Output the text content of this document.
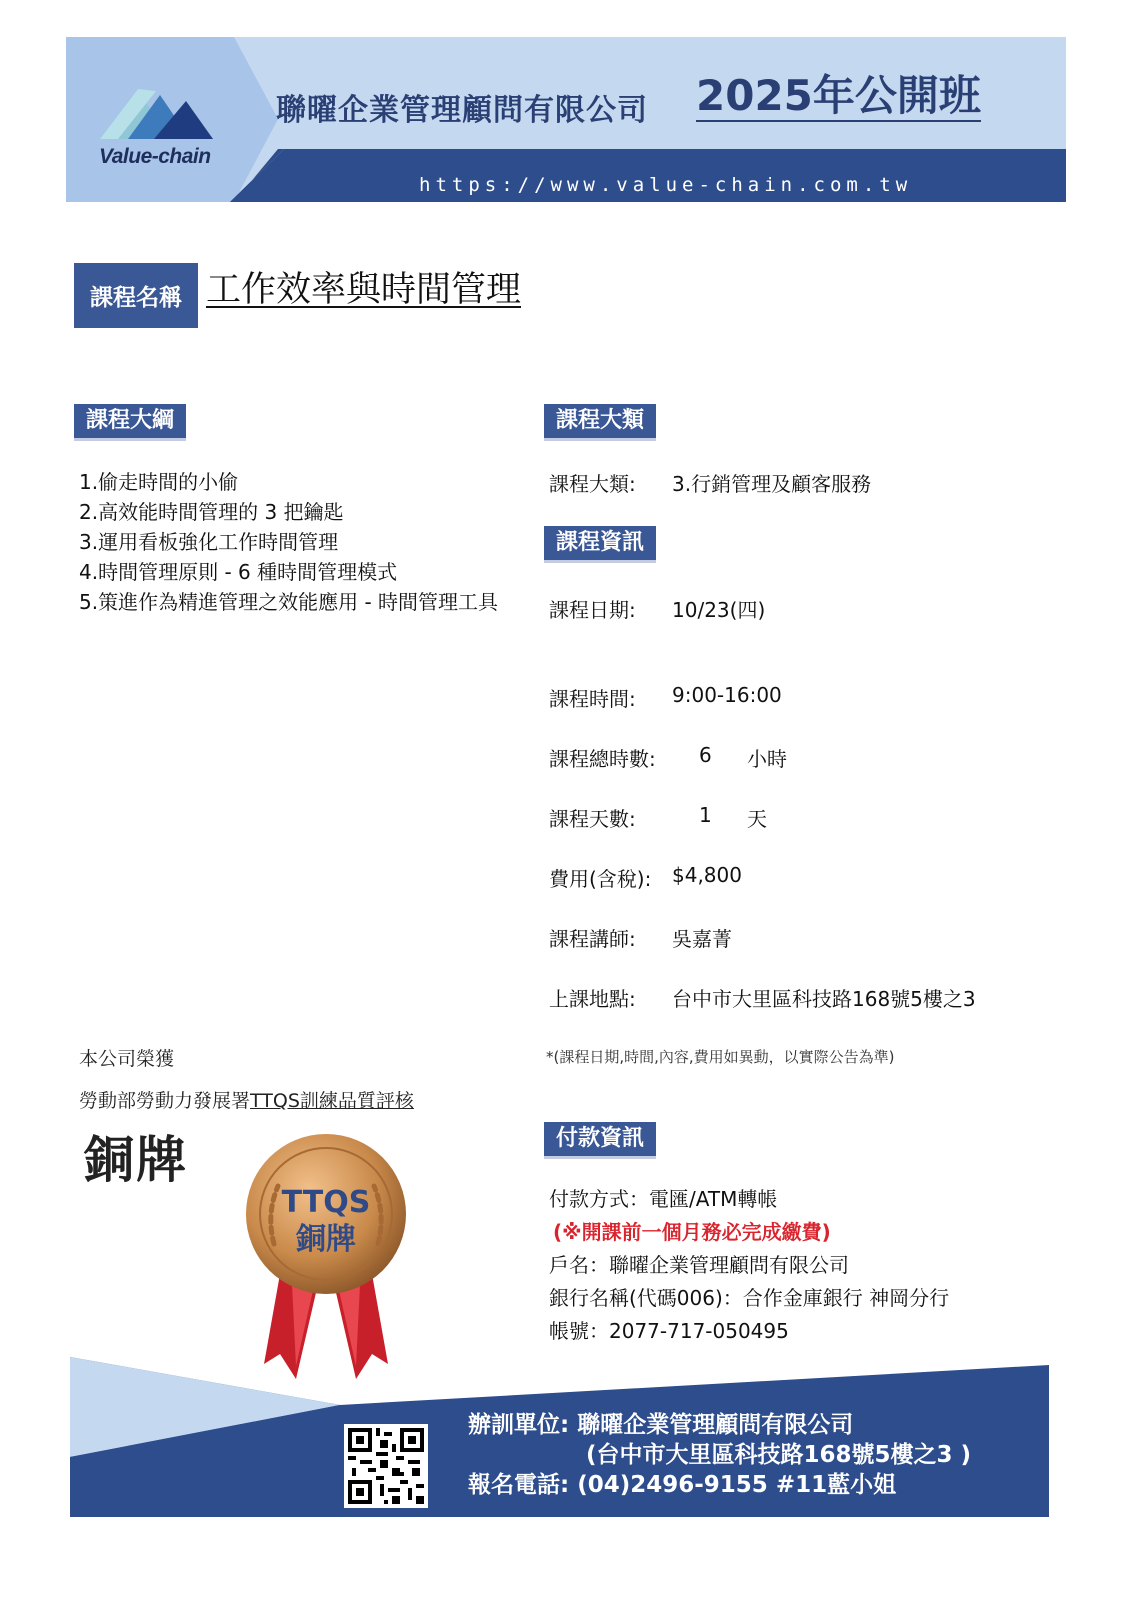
Value-chain
聯曜企業管理顧問有限公司 2025年公開班
https://www.value-chain.com.tw
課程名稱 工作效率與時間管理
課程大綱
1.偷走時間的小偷
2.高效能時間管理的 3 把鑰匙
3.運用看板強化工作時間管理
4.時間管理原則 - 6 種時間管理模式
5.策進作為精進管理之效能應用 - 時間管理工具
課程大類
課程大類: 3.行銷管理及顧客服務
課程資訊
課程日期: 10/23(四)
課程時間: 9:00-16:00
課程總時數: 6 小時
課程天數:	1 天
費用(含稅): $4,800
課程講師: 吳嘉菁
上課地點: 台中市大里區科技路168號5樓之3
*(課程日期,時間,內容,費用如異動，以實際公告為準)
本公司榮獲
勞動部勞動力發展署TTQS訓練品質評核
銅牌
TTQS
銅牌
付款資訊
付款方式：電匯/ATM轉帳
(※開課前一個月務必完成繳費)
戶名：聯曜企業管理顧問有限公司
銀行名稱(代碼006)：合作金庫銀行 神岡分行
帳號：2077-717-050495
辦訓單位: 聯曜企業管理顧問有限公司
(台中市大里區科技路168號5樓之3 )
報名電話: (04)2496-9155 #11藍小姐
